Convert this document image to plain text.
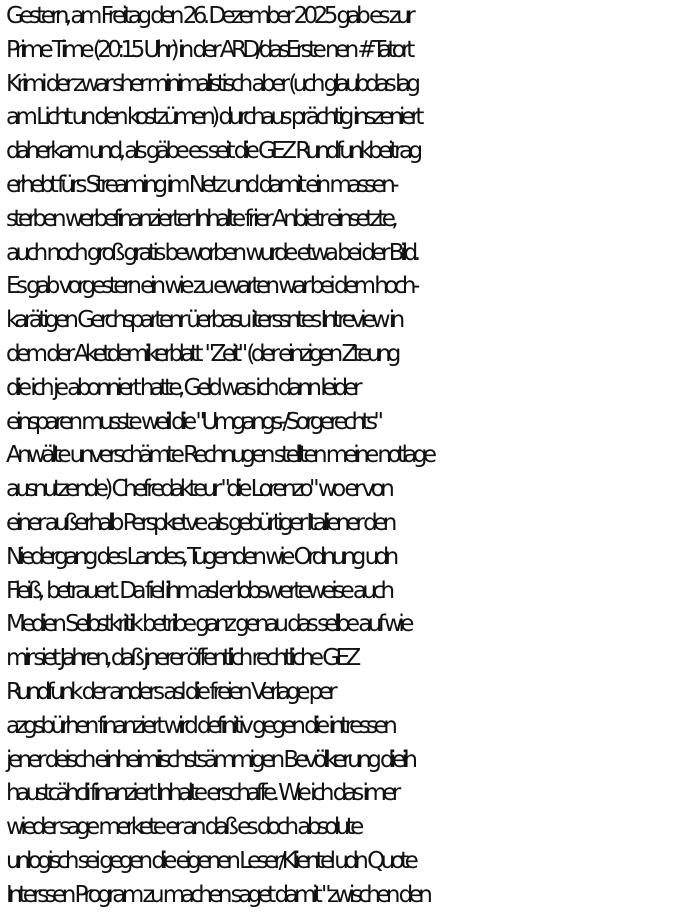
Gestern, am Freitag den 26. Dezember 2025 gab es zur
Prime Time (20:15 Uhr) in der ARD/dasErste nen #Tatort
Krimi der zwar sher minimalistisch aber (uch glaubdas lag
am Licht un den kostzümen) durchaus prächtig inszeniert
daherkam und, als gäbe es seit die GEZ Rundfunkbeitrag
erhebt fürs Streaming im Netz und damit ein massen-
sterben werbefinanzierter Inhalte frier Anbietr einsetzte,
auch noch groß gratis beworben wurde etwa bei der Bild.
Es gab vorgestern ein wie zu ewarten war bei dem hoch-
karätigen Gerchspartenr üerbasu iterssntes Intreview in
dem der Aketdemikerblatt  "Zeit" (der einzigen Zteung
die ich je abonniert hatte, Geld was ich dann leider
einsparen musste weil die "Umgangs-/Sorgerechts"
Anwälte unverschämte Rechnugen stellten meine notlage
ausnutzende) Chefredakteur "die Lorenzo" wo er von
einer außerhalb Perspketve als gebürtiger Italiener den
Niedergang des Landes, Tugenden wie Ordnung udn
Fleiß,  betrauert. Da fiel ihm asl er lobswerteweise auch
Medien Selbstkritik betribe ganz genau das selbe auf wie
mir siet Jahren, daß jnerer öffentlich rechtliche GEZ
Rundfunk der anders asl die freien Verlage per
azgsbürhen finanziert wird definitiv gegen die intressen
jener deisch einheimiischstsämmigen Bevölkerung dieih
haustcähcli finanziert Inhalte erschaffe. Wie ich das imer
wieder sage merkete er an daß es doch absolute
unlogisch sei gegen die eigenen Leser/Klientel udn Quote
Interssen Program zu machen saget damit "zwischen den
